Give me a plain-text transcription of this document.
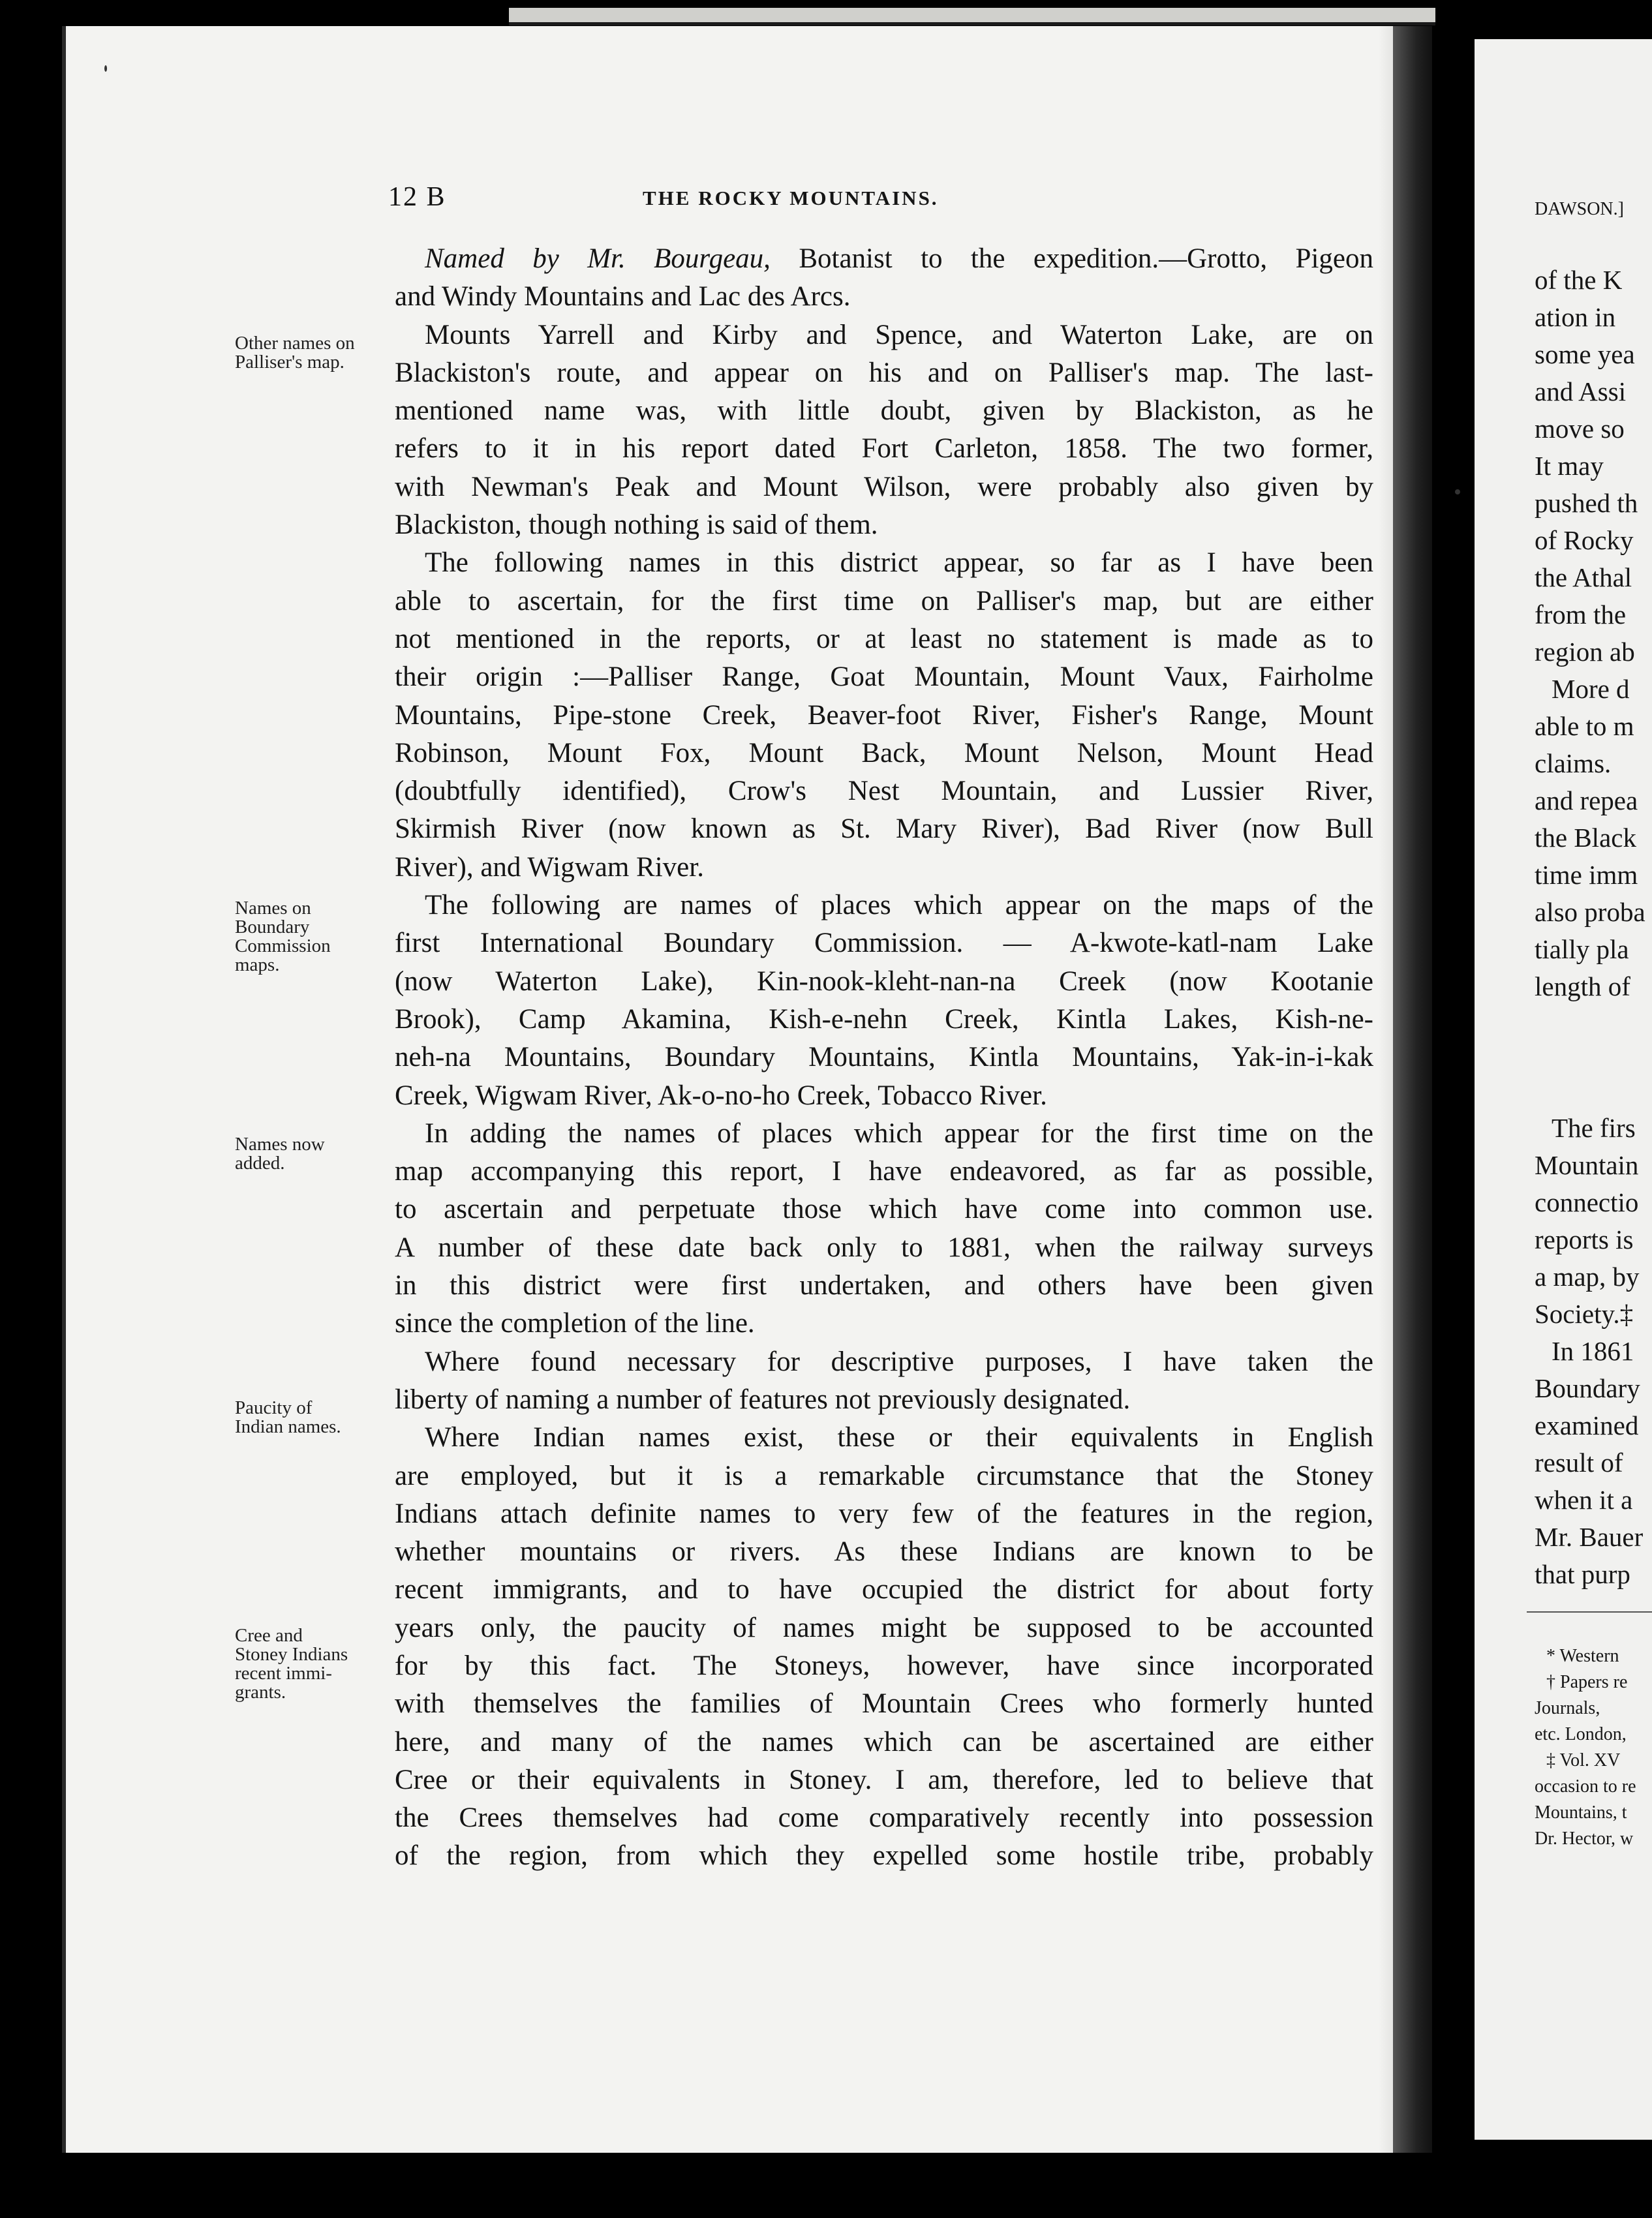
12 B	THE ROCKY MOUNTAINS.
Other names on
Palliser's map.
Names on
Boundary
Commission
maps.
Names now
added.
Paucity of
Indian names.
Cree and
Stoney Indians
recent immi-
grants.

Named by Mr. Bourgeau, Botanist to the expedition.—Grotto, Pigeon
and Windy Mountains and Lac des Arcs.

Mounts Yarrell and Kirby and Spence, and Waterton Lake, are on
Blackiston's route, and appear on his and on Palliser's map. The last-
mentioned name was, with little doubt, given by Blackiston, as he
refers to it in his report dated Fort Carleton, 1858. The two former,
with Newman's Peak and Mount Wilson, were probably also given by
Blackiston, though nothing is said of them.

The following names in this district appear, so far as I have been
able to ascertain, for the first time on Palliser's map, but are either
not mentioned in the reports, or at least no statement is made as to
their origin :—Palliser Range, Goat Mountain, Mount Vaux, Fairholme
Mountains, Pipe-stone Creek, Beaver-foot River, Fisher's Range, Mount
Robinson, Mount Fox, Mount Back, Mount Nelson, Mount Head
(doubtfully identified), Crow's Nest Mountain, and Lussier River,
Skirmish River (now known as St. Mary River), Bad River (now Bull
River), and Wigwam River.

The following are names of places which appear on the maps of the
first International Boundary Commission. — A-kwote-katl-nam Lake
(now Waterton Lake), Kin-nook-kleht-nan-na Creek (now Kootanie
Brook), Camp Akamina, Kish-e-nehn Creek, Kintla Lakes, Kish-ne-
neh-na Mountains, Boundary Mountains, Kintla Mountains, Yak-in-i-kak
Creek, Wigwam River, Ak-o-no-ho Creek, Tobacco River.

In adding the names of places which appear for the first time on the
map accompanying this report, I have endeavored, as far as possible,
to ascertain and perpetuate those which have come into common use.
A number of these date back only to 1881, when the railway surveys
in this district were first undertaken, and others have been given
since the completion of the line.

Where found necessary for descriptive purposes, I have taken the
liberty of naming a number of features not previously designated.

Where Indian names exist, these or their equivalents in English
are employed, but it is a remarkable circumstance that the Stoney
Indians attach definite names to very few of the features in the region,
whether mountains or rivers. As these Indians are known to be
recent immigrants, and to have occupied the district for about forty
years only, the paucity of names might be supposed to be accounted
for by this fact. The Stoneys, however, have since incorporated
with themselves the families of Mountain Crees who formerly hunted
here, and many of the names which can be ascertained are either
Cree or their equivalents in Stoney. I am, therefore, led to believe that
the Crees themselves had come comparatively recently into possession
of the region, from which they expelled some hostile tribe, probably

DAWSON.]
of the K
ation in
some yea
and Assi
move so
It may
pushed th
of Rocky
the Athal
from the
region ab
More d
able to m
claims.
and repea
the Black
time imm
also proba
tially pla
length of
The firs
Mountain
connectio
reports is
a map, by
Society.‡
In 1861
Boundary
examined
result of
when it a
Mr. Bauer
that purp
* Western
† Papers re
Journals,
etc. London,
‡ Vol. XV
occasion to re
Mountains, t
Dr. Hector, w
